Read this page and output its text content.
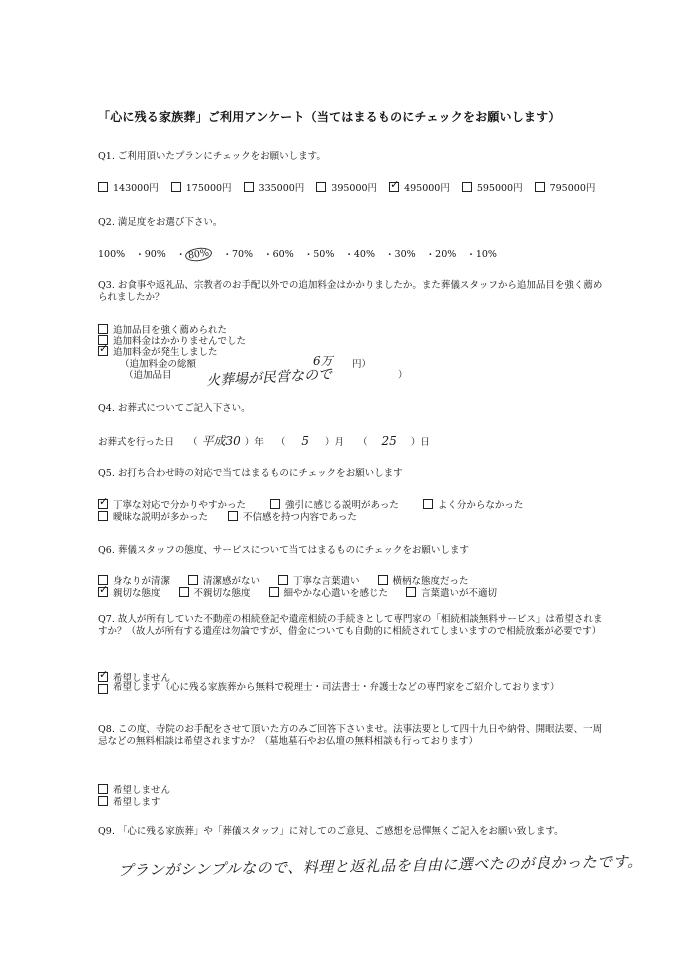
「心に残る家族葬」ご利用アンケート（当てはまるものにチェックをお願いします）
Q1. ご利用頂いたプランにチェックをお願いします。
143000円	175000円	335000円	395000円
✓	495000円	595000円	795000円
Q2. 満足度をお選び下さい。
100% ・ 90% ・ 80%	・ 70% ・ 60% ・ 50% ・ 40% ・ 30% ・ 20% ・ 10%
Q3. お食事や返礼品、宗教者のお手配以外での追加料金はかかりましたか。また葬儀スタッフから追加品目を強く薦められましたか？
追加品目を強く薦められた
追加料金はかかりませんでした
✓
追加料金が発生しました
（追加料金の総額	6万 円）
（追加品目 火葬場が民営なので	）
Q4. お葬式についてご記入下さい。
お葬式を行った日 （ 平成30 ） 年 （ 5 ） 月 （ 25 ） 日
Q5. お打ち合わせ時の対応で当てはまるものにチェックをお願いします
✓
丁寧な対応で分かりやすかった	強引に感じる説明があった	よく分からなかった
曖昧な説明が多かった	不信感を持つ内容であった
Q6. 葬儀スタッフの態度、サービスについて当てはまるものにチェックをお願いします
身なりが清潔	清潔感がない	丁寧な言葉遣い	横柄な態度だった
✓
親切な態度	不親切な態度	細やかな心遣いを感じた	言葉遣いが不適切
Q7. 故人が所有していた不動産の相続登記や遺産相続の手続きとして専門家の「相続相談無料サービス」は希望されますか？（故人が所有する遺産は勿論ですが、借金についても自動的に相続されてしまいますので相続放棄が必要です）
✓
希望しません
希望します（心に残る家族葬から無料で税理士・司法書士・弁護士などの専門家をご紹介しております）
Q8. この度、寺院のお手配をさせて頂いた方のみご回答下さいませ。法事法要として四十九日や納骨、開眼法要、一周忌などの無料相談は希望されますか？（墓地墓石やお仏壇の無料相談も行っております）
希望しません
希望します
Q9. 「心に残る家族葬」や「葬儀スタッフ」に対してのご意見、ご感想を忌憚無くご記入をお願い致します。
プランがシンプルなので、料理と返礼品を自由に選べたのが良かったです。
